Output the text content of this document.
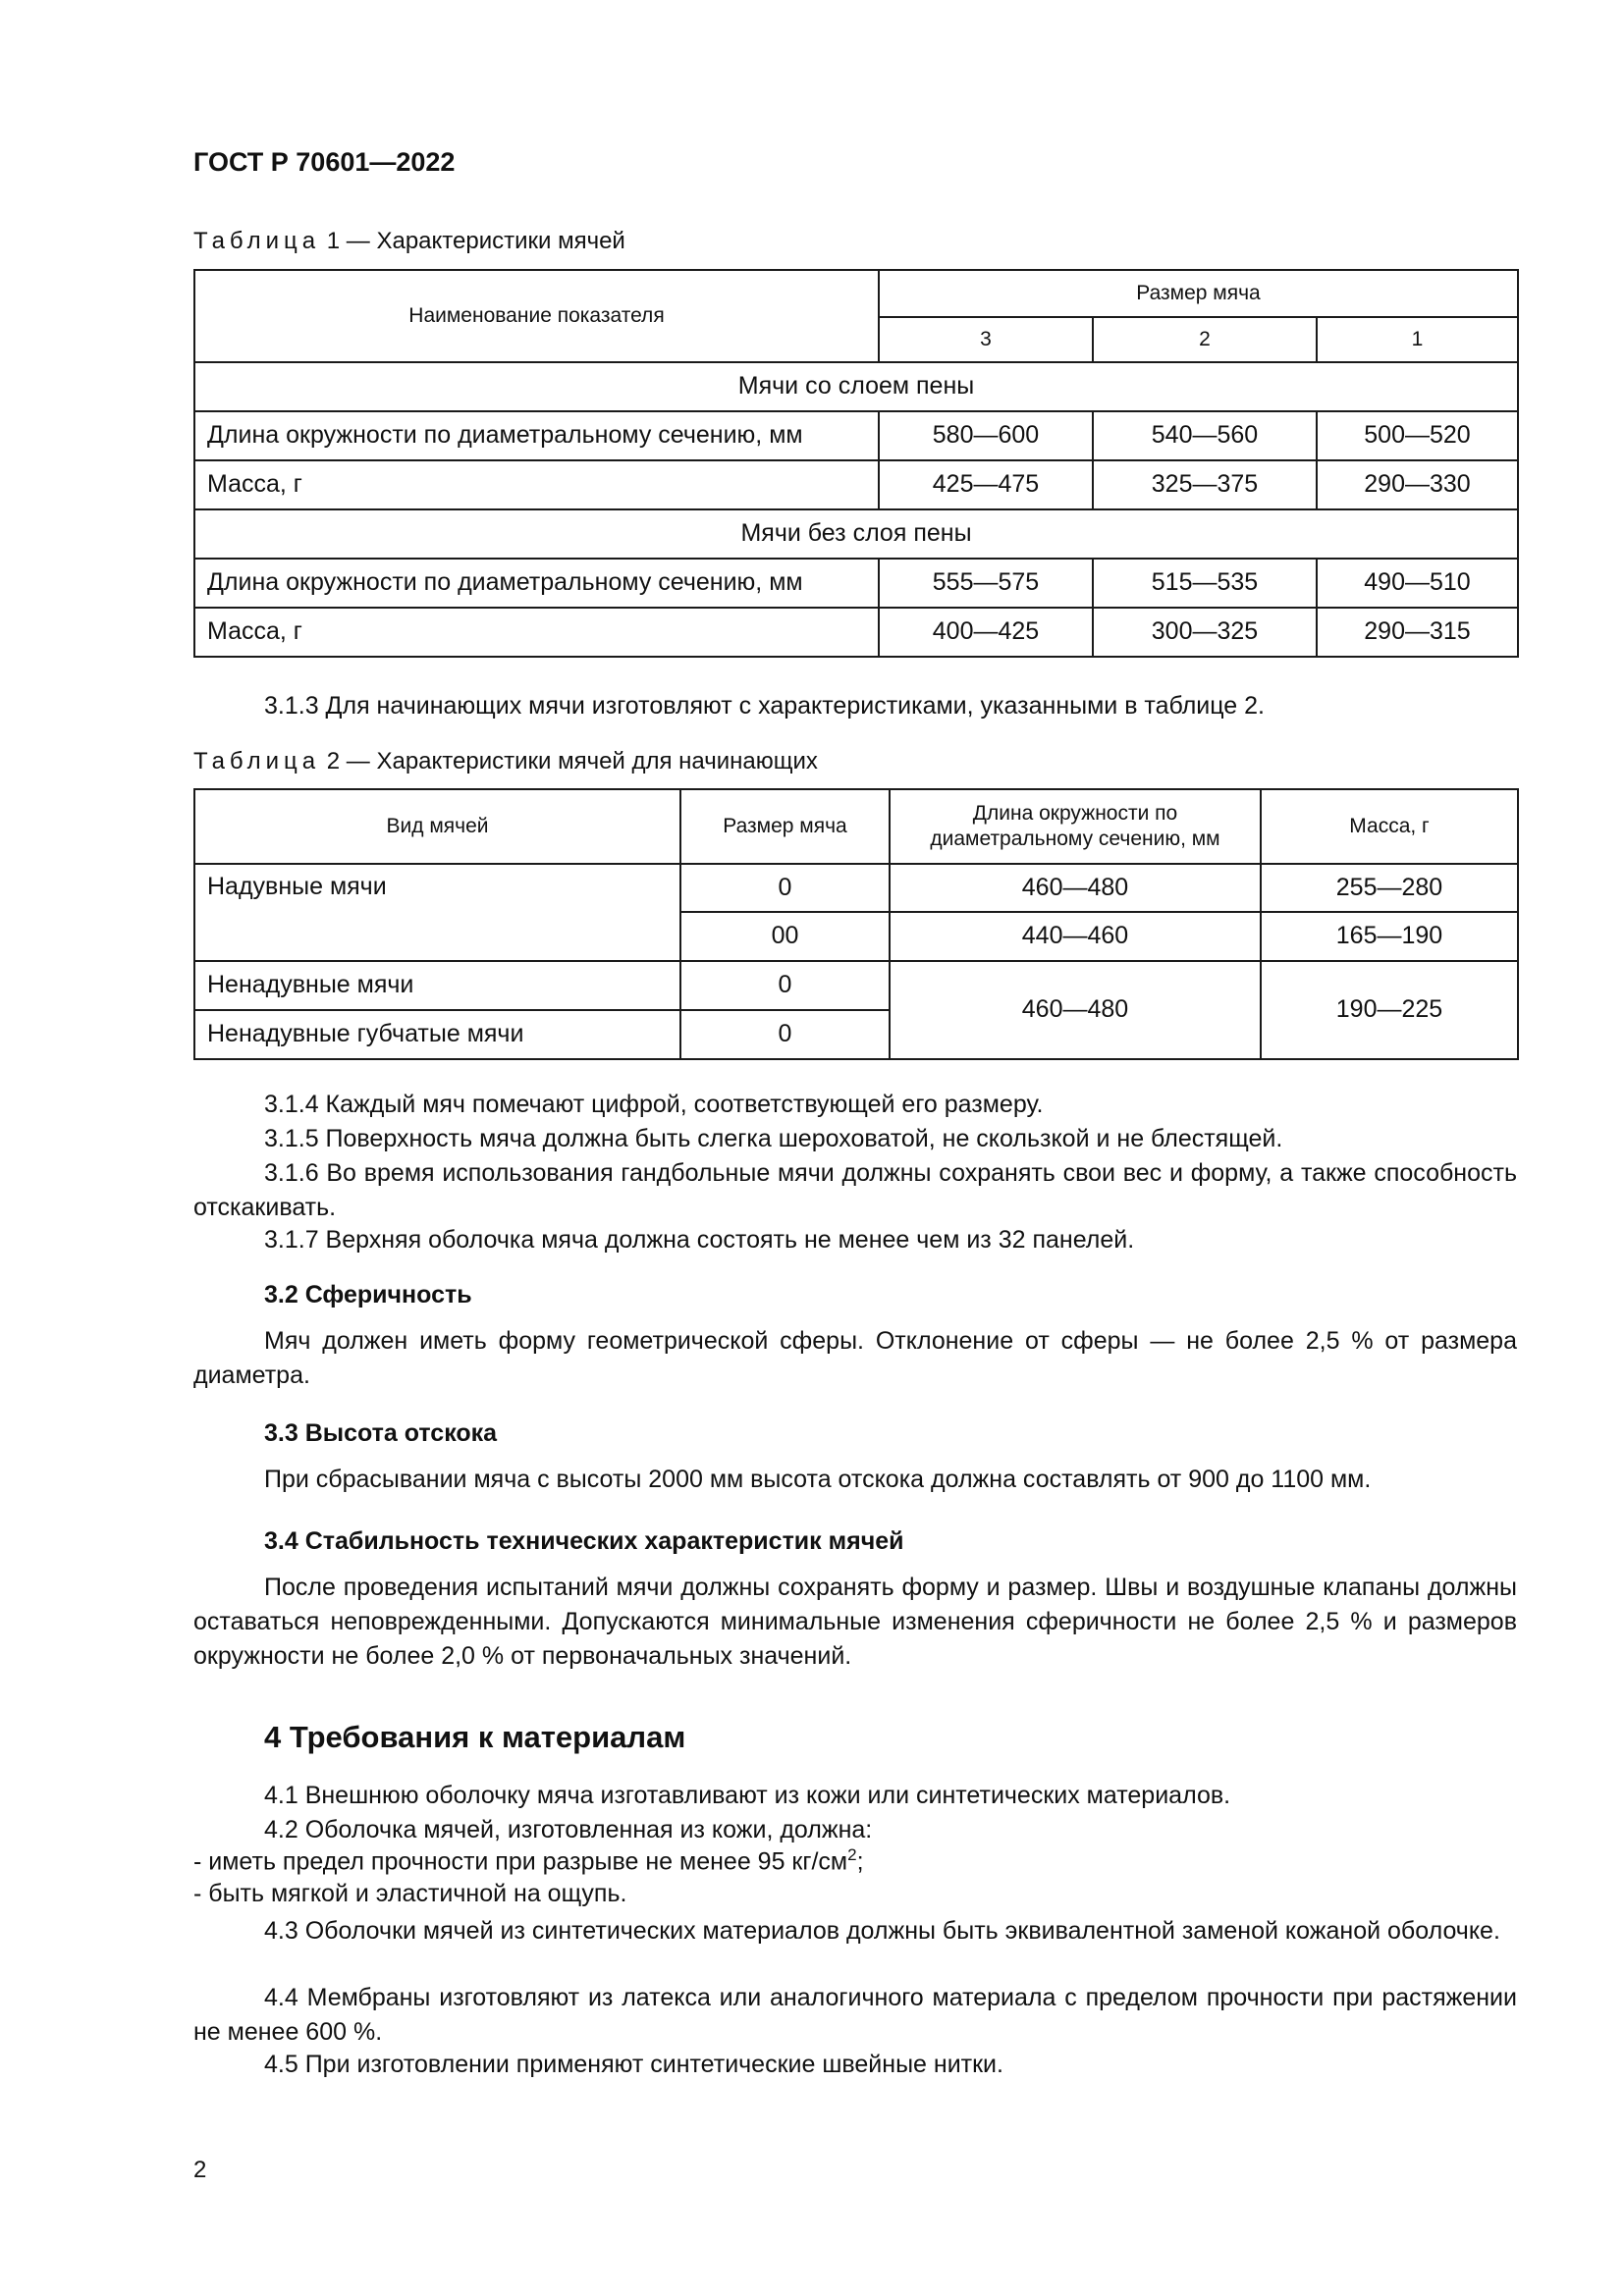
ГОСТ Р 70601—2022
Таблица 1 — Характеристики мячей
Наименование показателя	Размер мяча		
	3	2	1
Мячи со слоем пены			
Длина окружности по диаметральному сечению, мм	580—600	540—560	500—520
Масса, г	425—475	325—375	290—330
Мячи без слоя пены			
Длина окружности по диаметральному сечению, мм	555—575	515—535	490—510
Масса, г	400—425	300—325	290—315
3.1.3 Для начинающих мячи изготовляют с характеристиками, указанными в таблице 2.
Таблица 2 — Характеристики мячей для начинающих
Вид мячей	Размер мяча	Длина окружности по диаметральному сечению, мм	Масса, г
Надувные мячи	0	460—480	255—280
	00	440—460	165—190
Ненадувные мячи	0	460—480	190—225
Ненадувные губчатые мячи	0		
3.1.4 Каждый мяч помечают цифрой, соответствующей его размеру.
3.1.5 Поверхность мяча должна быть слегка шероховатой, не скользкой и не блестящей.
3.1.6 Во время использования гандбольные мячи должны сохранять свои вес и форму, а также способность отскакивать.
3.1.7 Верхняя оболочка мяча должна состоять не менее чем из 32 панелей.
3.2 Сферичность
Мяч должен иметь форму геометрической сферы. Отклонение от сферы — не более 2,5 % от размера диаметра.
3.3 Высота отскока
При сбрасывании мяча с высоты 2000 мм высота отскока должна составлять от 900 до 1100 мм.
3.4 Стабильность технических характеристик мячей
После проведения испытаний мячи должны сохранять форму и размер. Швы и воздушные клапаны должны оставаться неповрежденными. Допускаются минимальные изменения сферичности не более 2,5 % и размеров окружности не более 2,0 % от первоначальных значений.
4 Требования к материалам
4.1 Внешнюю оболочку мяча изготавливают из кожи или синтетических материалов.
4.2 Оболочка мячей, изготовленная из кожи, должна:
- иметь предел прочности при разрыве не менее 95 $кг/см^2$;
- быть мягкой и эластичной на ощупь.
4.3 Оболочки мячей из синтетических материалов должны быть эквивалентной заменой кожаной оболочке.
4.4 Мембраны изготовляют из латекса или аналогичного материала с пределом прочности при растяжении не менее 600 %.
4.5 При изготовлении применяют синтетические швейные нитки.
2
